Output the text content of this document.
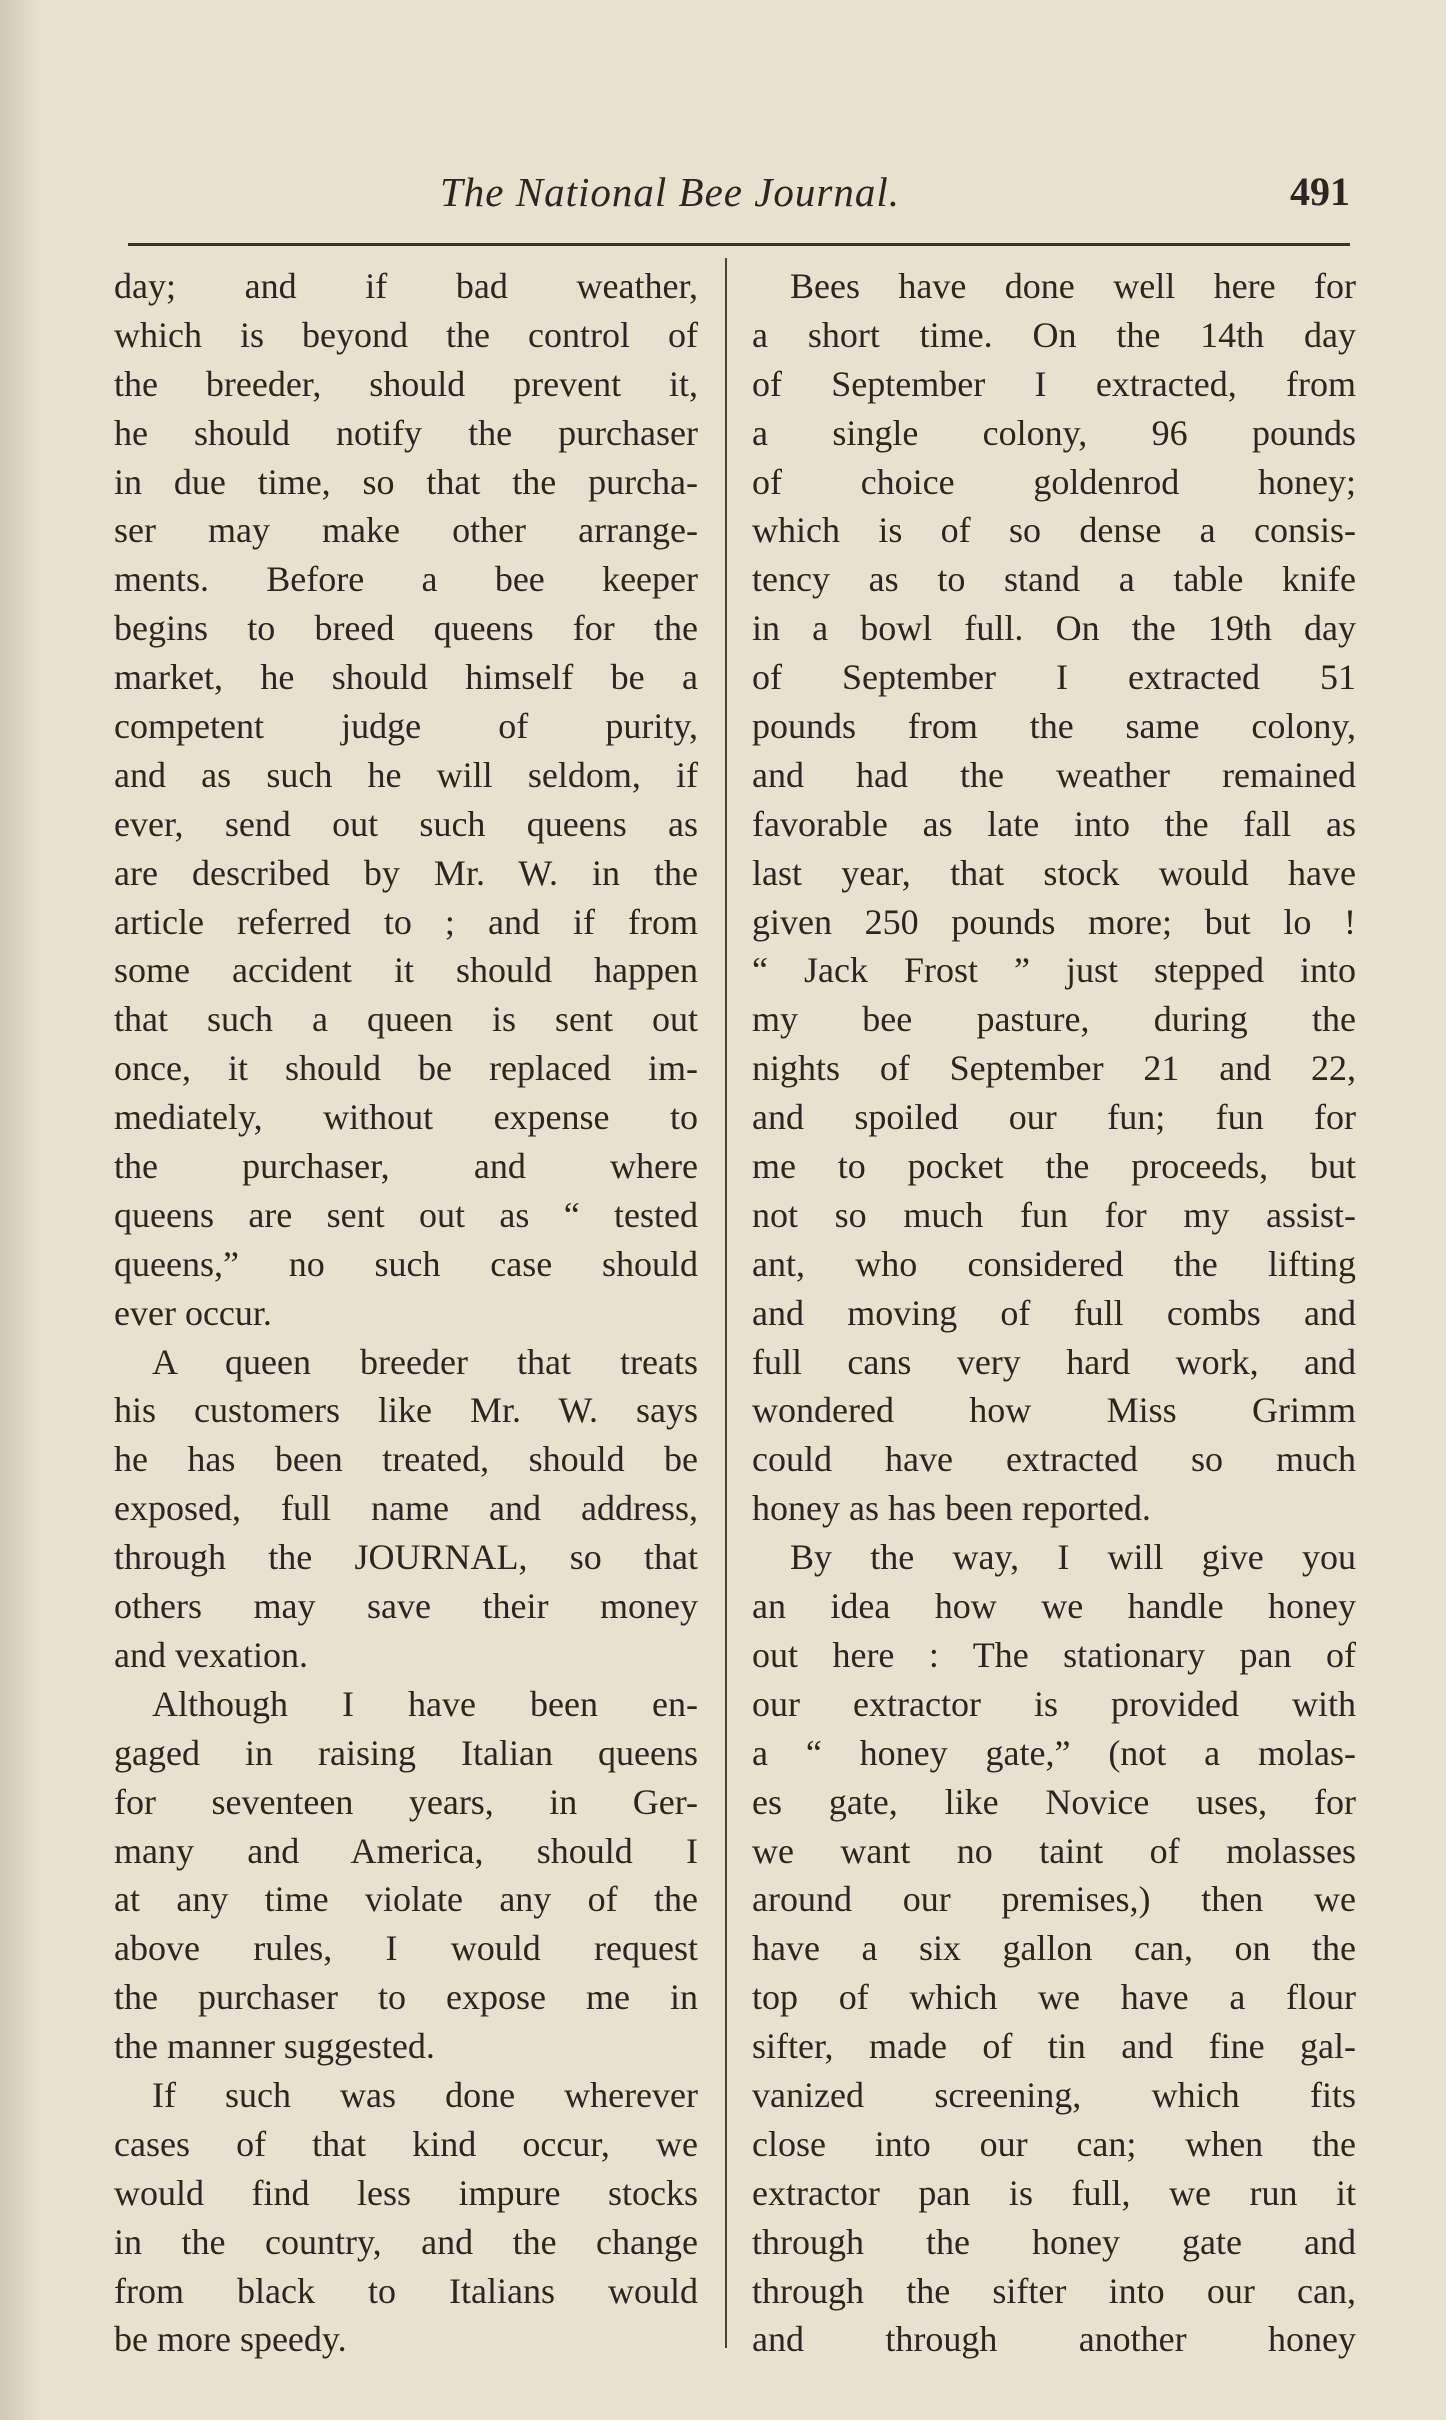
The National Bee Journal.	491
day; and if bad weather,
which is beyond the control of
the breeder, should prevent it,
he should notify the purchaser
in due time, so that the purcha-
ser may make other arrange-
ments. Before a bee keeper
begins to breed queens for the
market, he should himself be a
competent judge of purity,
and as such he will seldom, if
ever, send out such queens as
are described by Mr. W. in the
article referred to ; and if from
some accident it should happen
that such a queen is sent out
once, it should be replaced im-
mediately, without expense to
the purchaser, and where
queens are sent out as “ tested
queens,” no such case should
ever occur.
A queen breeder that treats
his customers like Mr. W. says
he has been treated, should be
exposed, full name and address,
through the JOURNAL, so that
others may save their money
and vexation.
Although I have been en-
gaged in raising Italian queens
for seventeen years, in Ger-
many and America, should I
at any time violate any of the
above rules, I would request
the purchaser to expose me in
the manner suggested.
If such was done wherever
cases of that kind occur, we
would find less impure stocks
in the country, and the change
from black to Italians would
be more speedy.
Bees have done well here for
a short time. On the 14th day
of September I extracted, from
a single colony, 96 pounds
of choice goldenrod honey;
which is of so dense a consis-
tency as to stand a table knife
in a bowl full. On the 19th day
of September I extracted 51
pounds from the same colony,
and had the weather remained
favorable as late into the fall as
last year, that stock would have
given 250 pounds more; but lo !
“ Jack Frost ” just stepped into
my bee pasture, during the
nights of September 21 and 22,
and spoiled our fun; fun for
me to pocket the proceeds, but
not so much fun for my assist-
ant, who considered the lifting
and moving of full combs and
full cans very hard work, and
wondered how Miss Grimm
could have extracted so much
honey as has been reported.
By the way, I will give you
an idea how we handle honey
out here : The stationary pan of
our extractor is provided with
a “ honey gate,” (not a molas-
es gate, like Novice uses, for
we want no taint of molasses
around our premises,) then we
have a six gallon can, on the
top of which we have a flour
sifter, made of tin and fine gal-
vanized screening, which fits
close into our can; when the
extractor pan is full, we run it
through the honey gate and
through the sifter into our can,
and through another honey
